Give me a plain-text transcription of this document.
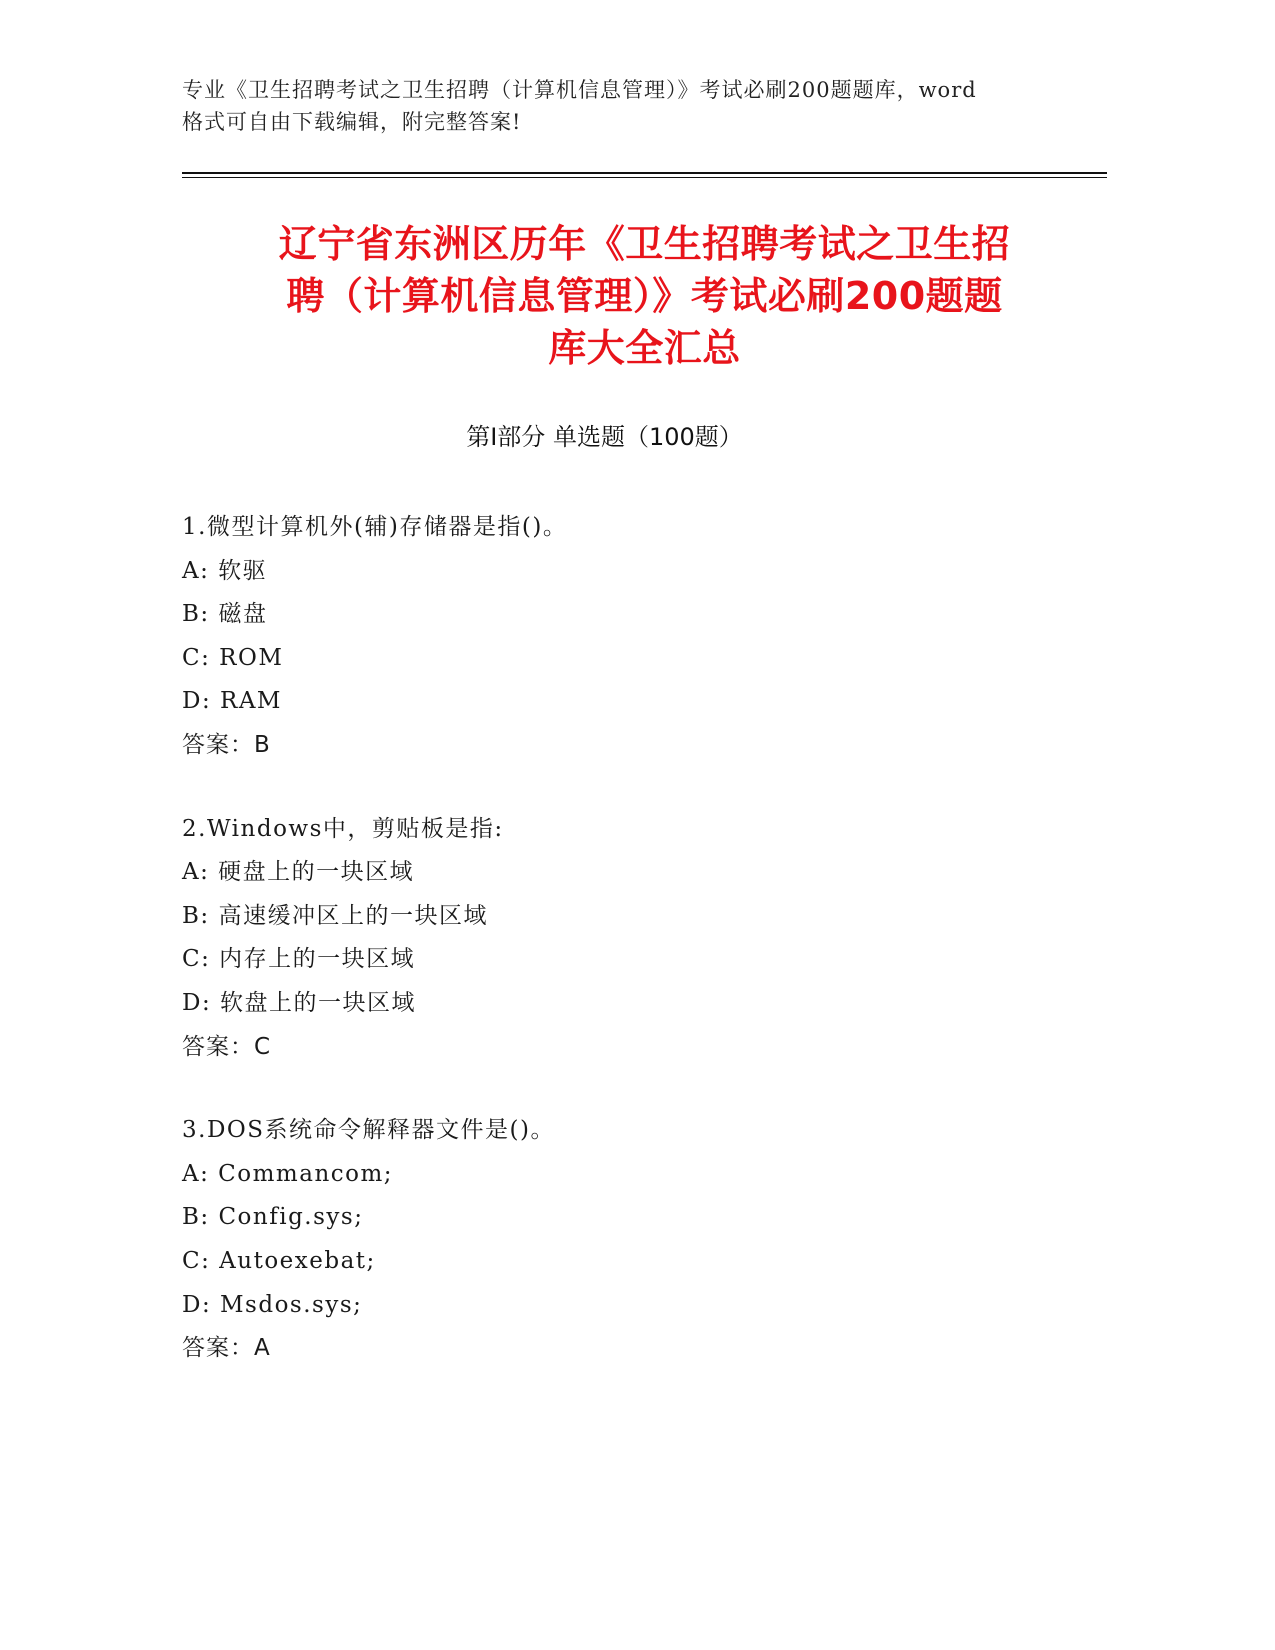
专业《卫生招聘考试之卫生招聘（计算机信息管理）》考试必刷200题题库，word
格式可自由下载编辑，附完整答案!
辽宁省东洲区历年《卫生招聘考试之卫生招
聘（计算机信息管理）》考试必刷200题题
库大全汇总
第Ⅰ部分 单选题（100题）
1.微型计算机外(辅)存储器是指()。
A: 软驱
B: 磁盘
C: ROM
D: RAM
答案：B
2.Windows中，剪贴板是指:
A: 硬盘上的一块区域
B: 高速缓冲区上的一块区域
C: 内存上的一块区域
D: 软盘上的一块区域
答案：C
3.DOS系统命令解释器文件是()。
A: Commancom;
B: Config.sys;
C: Autoexebat;
D: Msdos.sys;
答案：A
